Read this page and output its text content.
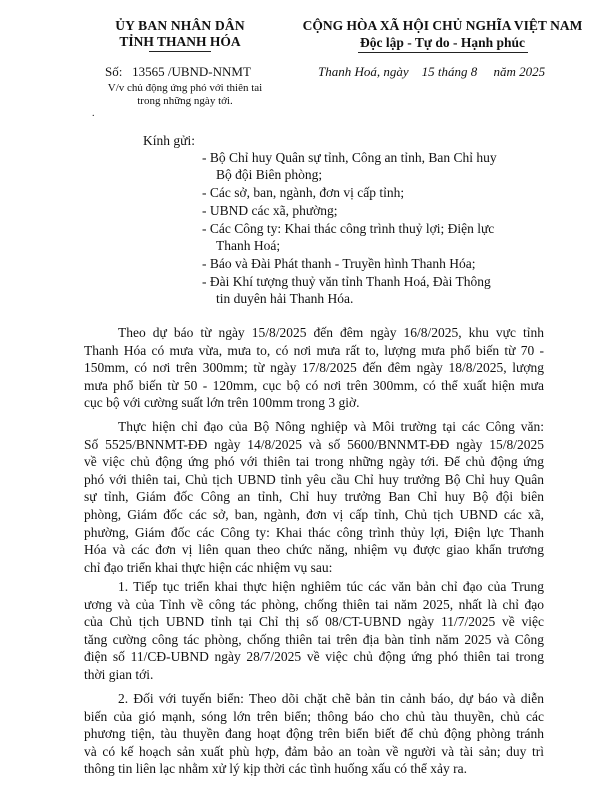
ỦY BAN NHÂN DÂN
TỈNH THANH HÓA
CỘNG HÒA XÃ HỘI CHỦ NGHĨA VIỆT NAM
Độc lập - Tự do - Hạnh phúc
Số: 13565 /UBND-NNMT
V/v chủ động ứng phó với thiên tai
trong những ngày tới.
Thanh Hoá, ngày 15 tháng 8 năm 2025
.
Kính gửi:
- Bộ Chỉ huy Quân sự tỉnh, Công an tỉnh, Ban Chỉ huy
Bộ đội Biên phòng;
- Các sở, ban, ngành, đơn vị cấp tỉnh;
- UBND các xã, phường;
- Các Công ty: Khai thác công trình thuỷ lợi; Điện lực
Thanh Hoá;
- Báo và Đài Phát thanh - Truyền hình Thanh Hóa;
- Đài Khí tượng thuỷ văn tỉnh Thanh Hoá, Đài Thông
tin duyên hải Thanh Hóa.
Theo dự báo từ ngày 15/8/2025 đến đêm ngày 16/8/2025, khu vực tỉnh
Thanh Hóa có mưa vừa, mưa to, có nơi mưa rất to, lượng mưa phổ biến từ 70 -
150mm, có nơi trên 300mm; từ ngày 17/8/2025 đến đêm ngày 18/8/2025, lượng
mưa phổ biến từ 50 - 120mm, cục bộ có nơi trên 300mm, có thể xuất hiện mưa
cục bộ với cường suất lớn trên 100mm trong 3 giờ.
Thực hiện chỉ đạo của Bộ Nông nghiệp và Môi trường tại các Công văn:
Số 5525/BNNMT-ĐĐ ngày 14/8/2025 và số 5600/BNNMT-ĐĐ ngày 15/8/2025
về việc chủ động ứng phó với thiên tai trong những ngày tới. Để chủ động ứng
phó với thiên tai, Chủ tịch UBND tỉnh yêu cầu Chỉ huy trưởng Bộ Chỉ huy Quân
sự tỉnh, Giám đốc Công an tỉnh, Chỉ huy trưởng Ban Chỉ huy Bộ đội biên
phòng, Giám đốc các sở, ban, ngành, đơn vị cấp tỉnh, Chủ tịch UBND các xã,
phường, Giám đốc các Công ty: Khai thác công trình thủy lợi, Điện lực Thanh
Hóa và các đơn vị liên quan theo chức năng, nhiệm vụ được giao khẩn trương
chỉ đạo triển khai thực hiện các nhiệm vụ sau:
1. Tiếp tục triển khai thực hiện nghiêm túc các văn bản chỉ đạo của Trung
ương và của Tỉnh về công tác phòng, chống thiên tai năm 2025, nhất là chỉ đạo
của Chủ tịch UBND tỉnh tại Chỉ thị số 08/CT-UBND ngày 11/7/2025 về việc
tăng cường công tác phòng, chống thiên tai trên địa bàn tỉnh năm 2025 và Công
điện số 11/CĐ-UBND ngày 28/7/2025 về việc chủ động ứng phó thiên tai trong
thời gian tới.
2. Đối với tuyến biển: Theo dõi chặt chẽ bản tin cảnh báo, dự báo và diễn
biến của gió mạnh, sóng lớn trên biển; thông báo cho chủ tàu thuyền, chủ các
phương tiện, tàu thuyền đang hoạt động trên biển biết để chủ động phòng tránh
và có kế hoạch sản xuất phù hợp, đảm bảo an toàn về người và tài sản; duy trì
thông tin liên lạc nhằm xử lý kịp thời các tình huống xấu có thể xảy ra.
